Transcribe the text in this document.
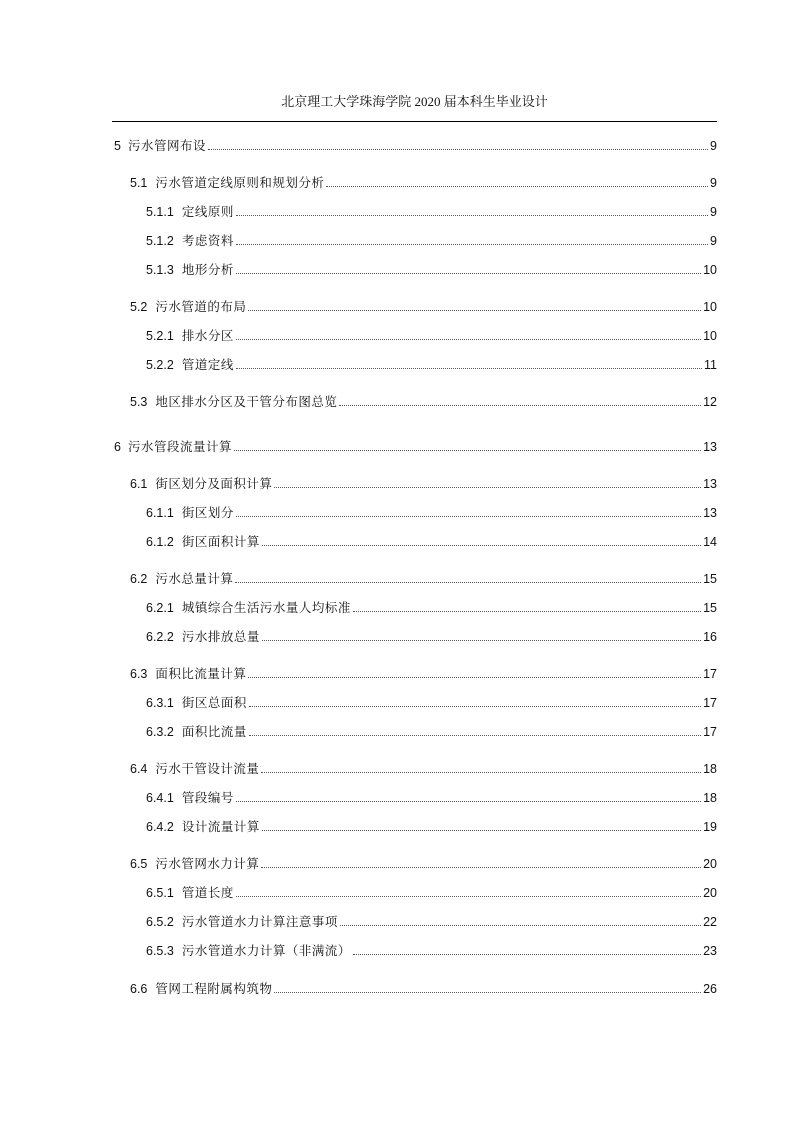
北京理工大学珠海学院 2020 届本科生毕业设计
5 污水管网布设	9
5.1 污水管道定线原则和规划分析	9
5.1.1 定线原则	9
5.1.2 考虑资料	9
5.1.3 地形分析	10
5.2 污水管道的布局	10
5.2.1 排水分区	10
5.2.2 管道定线	11
5.3 地区排水分区及干管分布图总览	12
6 污水管段流量计算	13
6.1 街区划分及面积计算	13
6.1.1 街区划分	13
6.1.2 街区面积计算	14
6.2 污水总量计算	15
6.2.1 城镇综合生活污水量人均标准	15
6.2.2 污水排放总量	16
6.3 面积比流量计算	17
6.3.1 街区总面积	17
6.3.2 面积比流量	17
6.4 污水干管设计流量	18
6.4.1 管段编号	18
6.4.2 设计流量计算	19
6.5 污水管网水力计算	20
6.5.1 管道长度	20
6.5.2 污水管道水力计算注意事项	22
6.5.3 污水管道水力计算（非满流）	23
6.6 管网工程附属构筑物	26
